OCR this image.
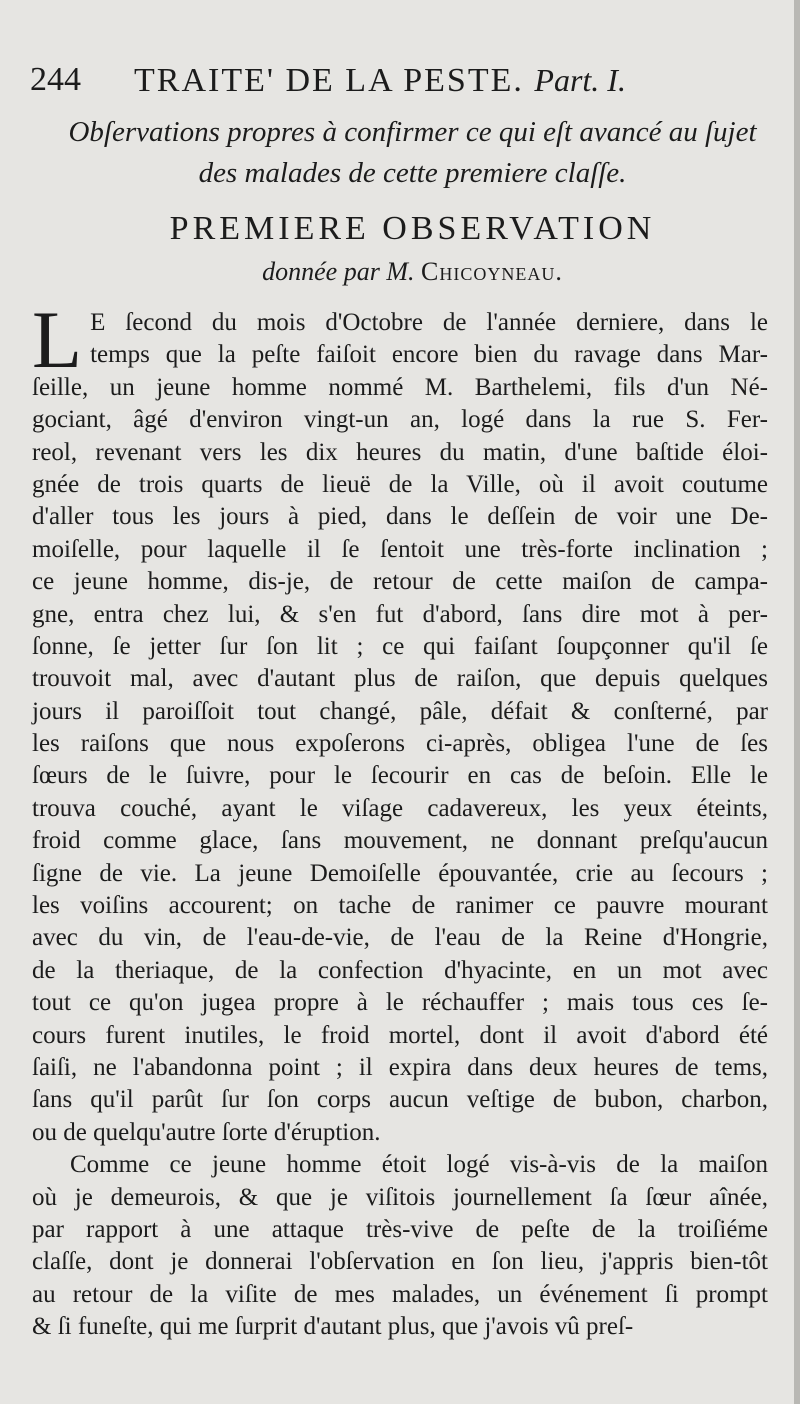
244 TRAITE' DE LA PESTE. Part. I.
Obſervations propres à confirmer ce qui eſt avancé au ſujet
des malades de cette premiere claſſe.
PREMIERE OBSERVATION
donnée par M. Chicoyneau.
L E ſecond du mois d'Octobre de l'année derniere, dans le
temps que la peſte faiſoit encore bien du ravage dans Mar-
ſeille, un jeune homme nommé M. Barthelemi, fils d'un Né-
gociant, âgé d'environ vingt-un an, logé dans la rue S. Fer-
reol, revenant vers les dix heures du matin, d'une baſtide éloi-
gnée de trois quarts de lieuë de la Ville, où il avoit coutume
d'aller tous les jours à pied, dans le deſſein de voir une De-
moiſelle, pour laquelle il ſe ſentoit une très-forte inclination ;
ce jeune homme, dis-je, de retour de cette maiſon de campa-
gne, entra chez lui, & s'en fut d'abord, ſans dire mot à per-
ſonne, ſe jetter ſur ſon lit ; ce qui faiſant ſoupçonner qu'il ſe
trouvoit mal, avec d'autant plus de raiſon, que depuis quelques
jours il paroiſſoit tout changé, pâle, défait & conſterné, par
les raiſons que nous expoſerons ci-après, obligea l'une de ſes
ſœurs de le ſuivre, pour le ſecourir en cas de beſoin. Elle le
trouva couché, ayant le viſage cadavereux, les yeux éteints,
froid comme glace, ſans mouvement, ne donnant preſqu'aucun
ſigne de vie. La jeune Demoiſelle épouvantée, crie au ſecours ;
les voiſins accourent; on tache de ranimer ce pauvre mourant
avec du vin, de l'eau-de-vie, de l'eau de la Reine d'Hongrie,
de la theriaque, de la confection d'hyacinte, en un mot avec
tout ce qu'on jugea propre à le réchauffer ; mais tous ces ſe-
cours furent inutiles, le froid mortel, dont il avoit d'abord été
ſaiſi, ne l'abandonna point ; il expira dans deux heures de tems,
ſans qu'il parût ſur ſon corps aucun veſtige de bubon, charbon,
ou de quelqu'autre ſorte d'éruption.
Comme ce jeune homme étoit logé vis-à-vis de la maiſon
où je demeurois, & que je viſitois journellement ſa ſœur aînée,
par rapport à une attaque très-vive de peſte de la troiſiéme
claſſe, dont je donnerai l'obſervation en ſon lieu, j'appris bien-tôt
au retour de la viſite de mes malades, un événement ſi prompt
& ſi funeſte, qui me ſurprit d'autant plus, que j'avois vû preſ-
